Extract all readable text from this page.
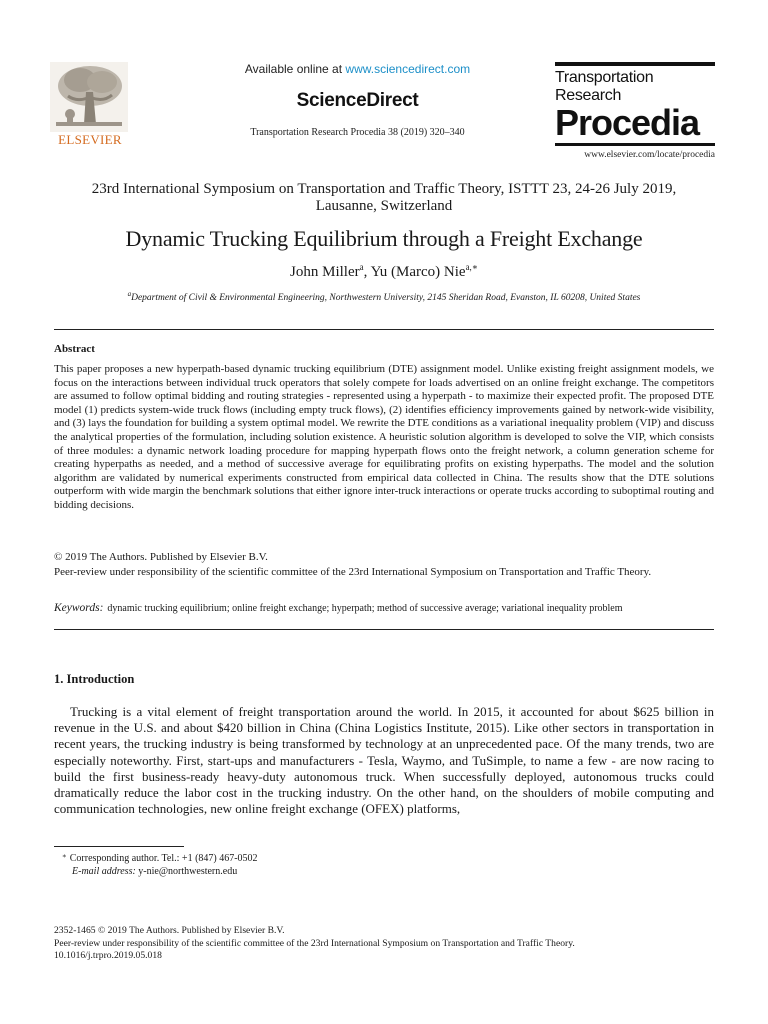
ELSEVIER
Available online at www.sciencedirect.com
ScienceDirect
Transportation Research Procedia 38 (2019) 320–340
Transportation
Research
Procedia
www.elsevier.com/locate/procedia
23rd International Symposium on Transportation and Traffic Theory, ISTTT 23, 24-26 July 2019,
Lausanne, Switzerland
Dynamic Trucking Equilibrium through a Freight Exchange
John Miller$^a$, Yu (Marco) Nie$^{a,∗}$
$^a$Department of Civil & Environmental Engineering, Northwestern University, 2145 Sheridan Road, Evanston, IL 60208, United States
Abstract
This paper proposes a new hyperpath-based dynamic trucking equilibrium (DTE) assignment model. Unlike existing freight assignment models, we focus on the interactions between individual truck operators that solely compete for loads advertised on an online freight exchange. The competitors are assumed to follow optimal bidding and routing strategies - represented using a hyperpath - to maximize their expected profit. The proposed DTE model (1) predicts system-wide truck flows (including empty truck flows), (2) identifies efficiency improvements gained by network-wide visibility, and (3) lays the foundation for building a system optimal model. We rewrite the DTE conditions as a variational inequality problem (VIP) and discuss the analytical properties of the formulation, including solution existence. A heuristic solution algorithm is developed to solve the VIP, which consists of three modules: a dynamic network loading procedure for mapping hyperpath flows onto the freight network, a column generation scheme for creating hyperpaths as needed, and a method of successive average for equilibrating profits on existing hyperpaths. The model and the solution algorithm are validated by numerical experiments constructed from empirical data collected in China. The results show that the DTE solutions outperform with wide margin the benchmark solutions that either ignore inter-truck interactions or operate trucks according to suboptimal routing and bidding decisions.
© 2019 The Authors. Published by Elsevier B.V.
Peer-review under responsibility of the scientific committee of the 23rd International Symposium on Transportation and Traffic Theory.
Keywords: dynamic trucking equilibrium; online freight exchange; hyperpath; method of successive average; variational inequality problem
1. Introduction
Trucking is a vital element of freight transportation around the world. In 2015, it accounted for about $625 billion in revenue in the U.S. and about $420 billion in China (China Logistics Institute, 2015). Like other sectors in transportation in recent years, the trucking industry is being transformed by technology at an unprecedented pace. Of the many trends, two are especially noteworthy. First, start-ups and manufacturers - Tesla, Waymo, and TuSimple, to name a few - are now racing to build the first business-ready heavy-duty autonomous truck. When successfully deployed, autonomous trucks could dramatically reduce the labor cost in the trucking industry. On the other hand, on the shoulders of mobile computing and communication technologies, new online freight exchange (OFEX) platforms,
∗ Corresponding author. Tel.: +1 (847) 467-0502
E-mail address: y-nie@northwestern.edu
2352-1465 © 2019 The Authors. Published by Elsevier B.V.
Peer-review under responsibility of the scientific committee of the 23rd International Symposium on Transportation and Traffic Theory.
10.1016/j.trpro.2019.05.018
